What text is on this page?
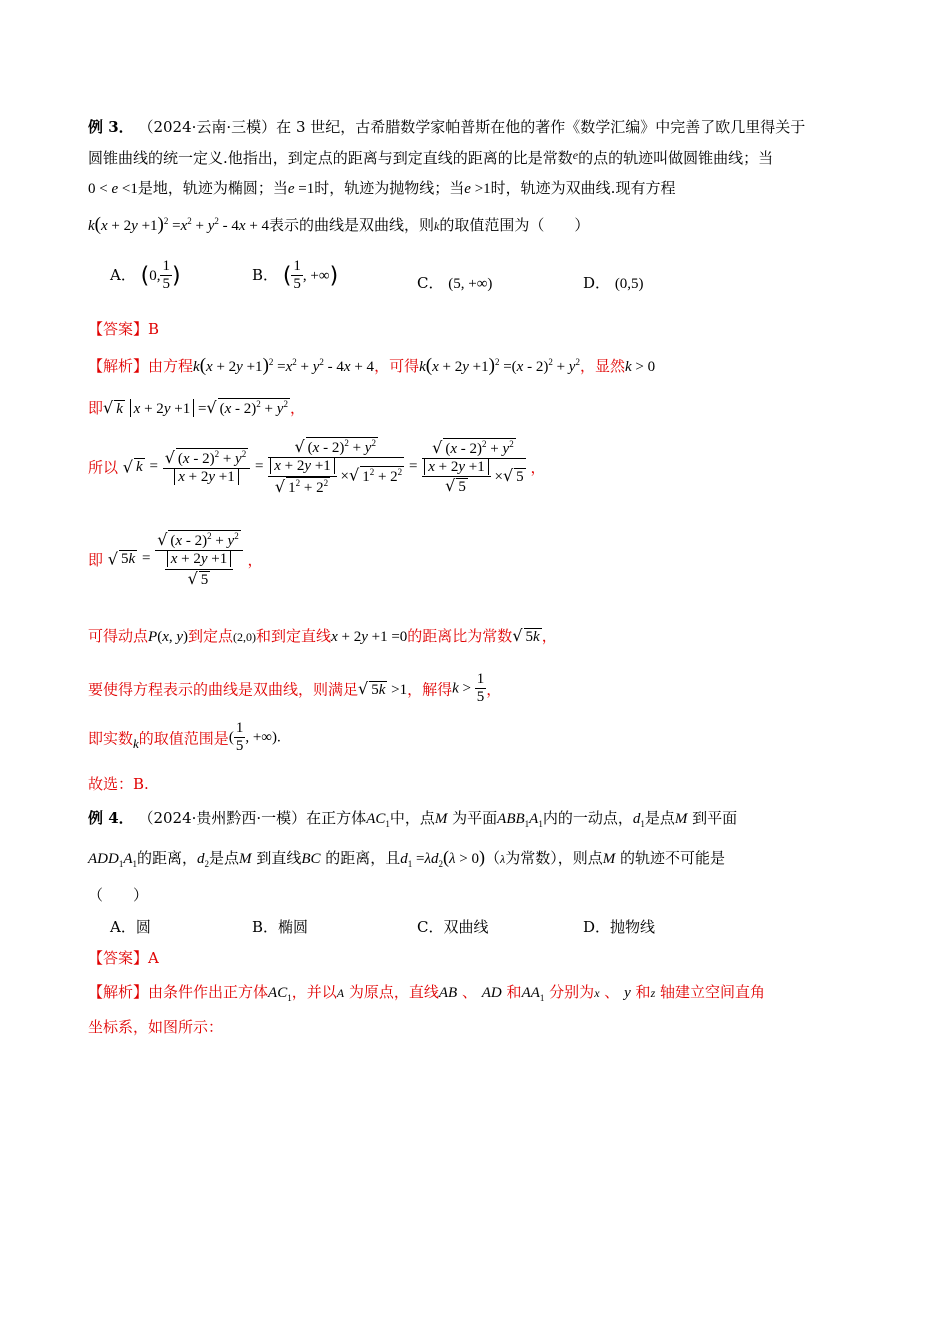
例 3． （2024·云南·三模）在 3 世纪，古希腊数学家帕普斯在他的著作《数学汇编》中完善了欧几里得关于
圆锥曲线的统一定义.他指出，到定点的距离与到定直线的距离的比是常数$^e$的点的轨迹叫做圆锥曲线；当
0 < e <1是地，轨迹为椭圆；当e =1时，轨迹为抛物线；当e >1时，轨迹为双曲线.现有方程
$k(x + 2y +1)^2 =x^2 + y^2 - 4x + 4$表示的曲线是双曲线，则k的取值范围为（　　）
A． (0, $\frac{1}{5}$ )	B． ( $\frac{1}{5}$ , +∞)	C． (5, +∞)	D． (0,5)
【答案】B
【解析】由方程$k(x + 2y +1)^2 =x^2 + y^2 - 4x + 4$，可得$k(x + 2y +1)^2 =(x - 2)^2 + y^2$，显然k > 0
即√ k x + 2y +1 =√ $(x - 2)^2 + y^2$ ，
所以 √ $k = \frac{√ (x - 2)^2 + y^2}{x + 2y +1} = \frac{√ (x - 2)^2 + y^2}{\frac{x + 2y +1}{√ 1^2 + 2^2} \times√ 1^2 + 2^2} = \frac{√ (x - 2)^2 + y^2}{\frac{x + 2y +1}{√ 5} \times√ 5}$ ，
即 √ $5k = \frac{√ (x - 2)^2 + y^2}{\frac{x + 2y +1}{√ 5}}$ ，
可得动点P(x, y)到定点(2,0)和到定直线x + 2y +1 =0的距离比为常数√ 5k ，
要使得方程表示的曲线是双曲线，则满足√ 5k >1，解得$k > \frac{1}{5}$ ，
即实数k的取值范围是( $\frac{1}{5}$ , +∞).
故选：B.
例 4． （2024·贵州黔西·一模）在正方体$AC_1$中，点M 为平面$ABB_1A_1$内的一动点，$d_1$是点M 到平面
$ADD_1A_1$的距离，$d_2$是点M 到直线BC 的距离，且$d_1 =\lambda d_2(\lambda > 0)(\lambda$为常数），则点M 的轨迹不可能是
（　　）
A．圆	B．椭圆	C．双曲线	D．抛物线
【答案】A
【解析】由条件作出正方体$AC_1$，并以A 为原点，直线AB 、 AD 和$AA_1$ 分别为x 、 y 和z 轴建立空间直角
坐标系，如图所示：
